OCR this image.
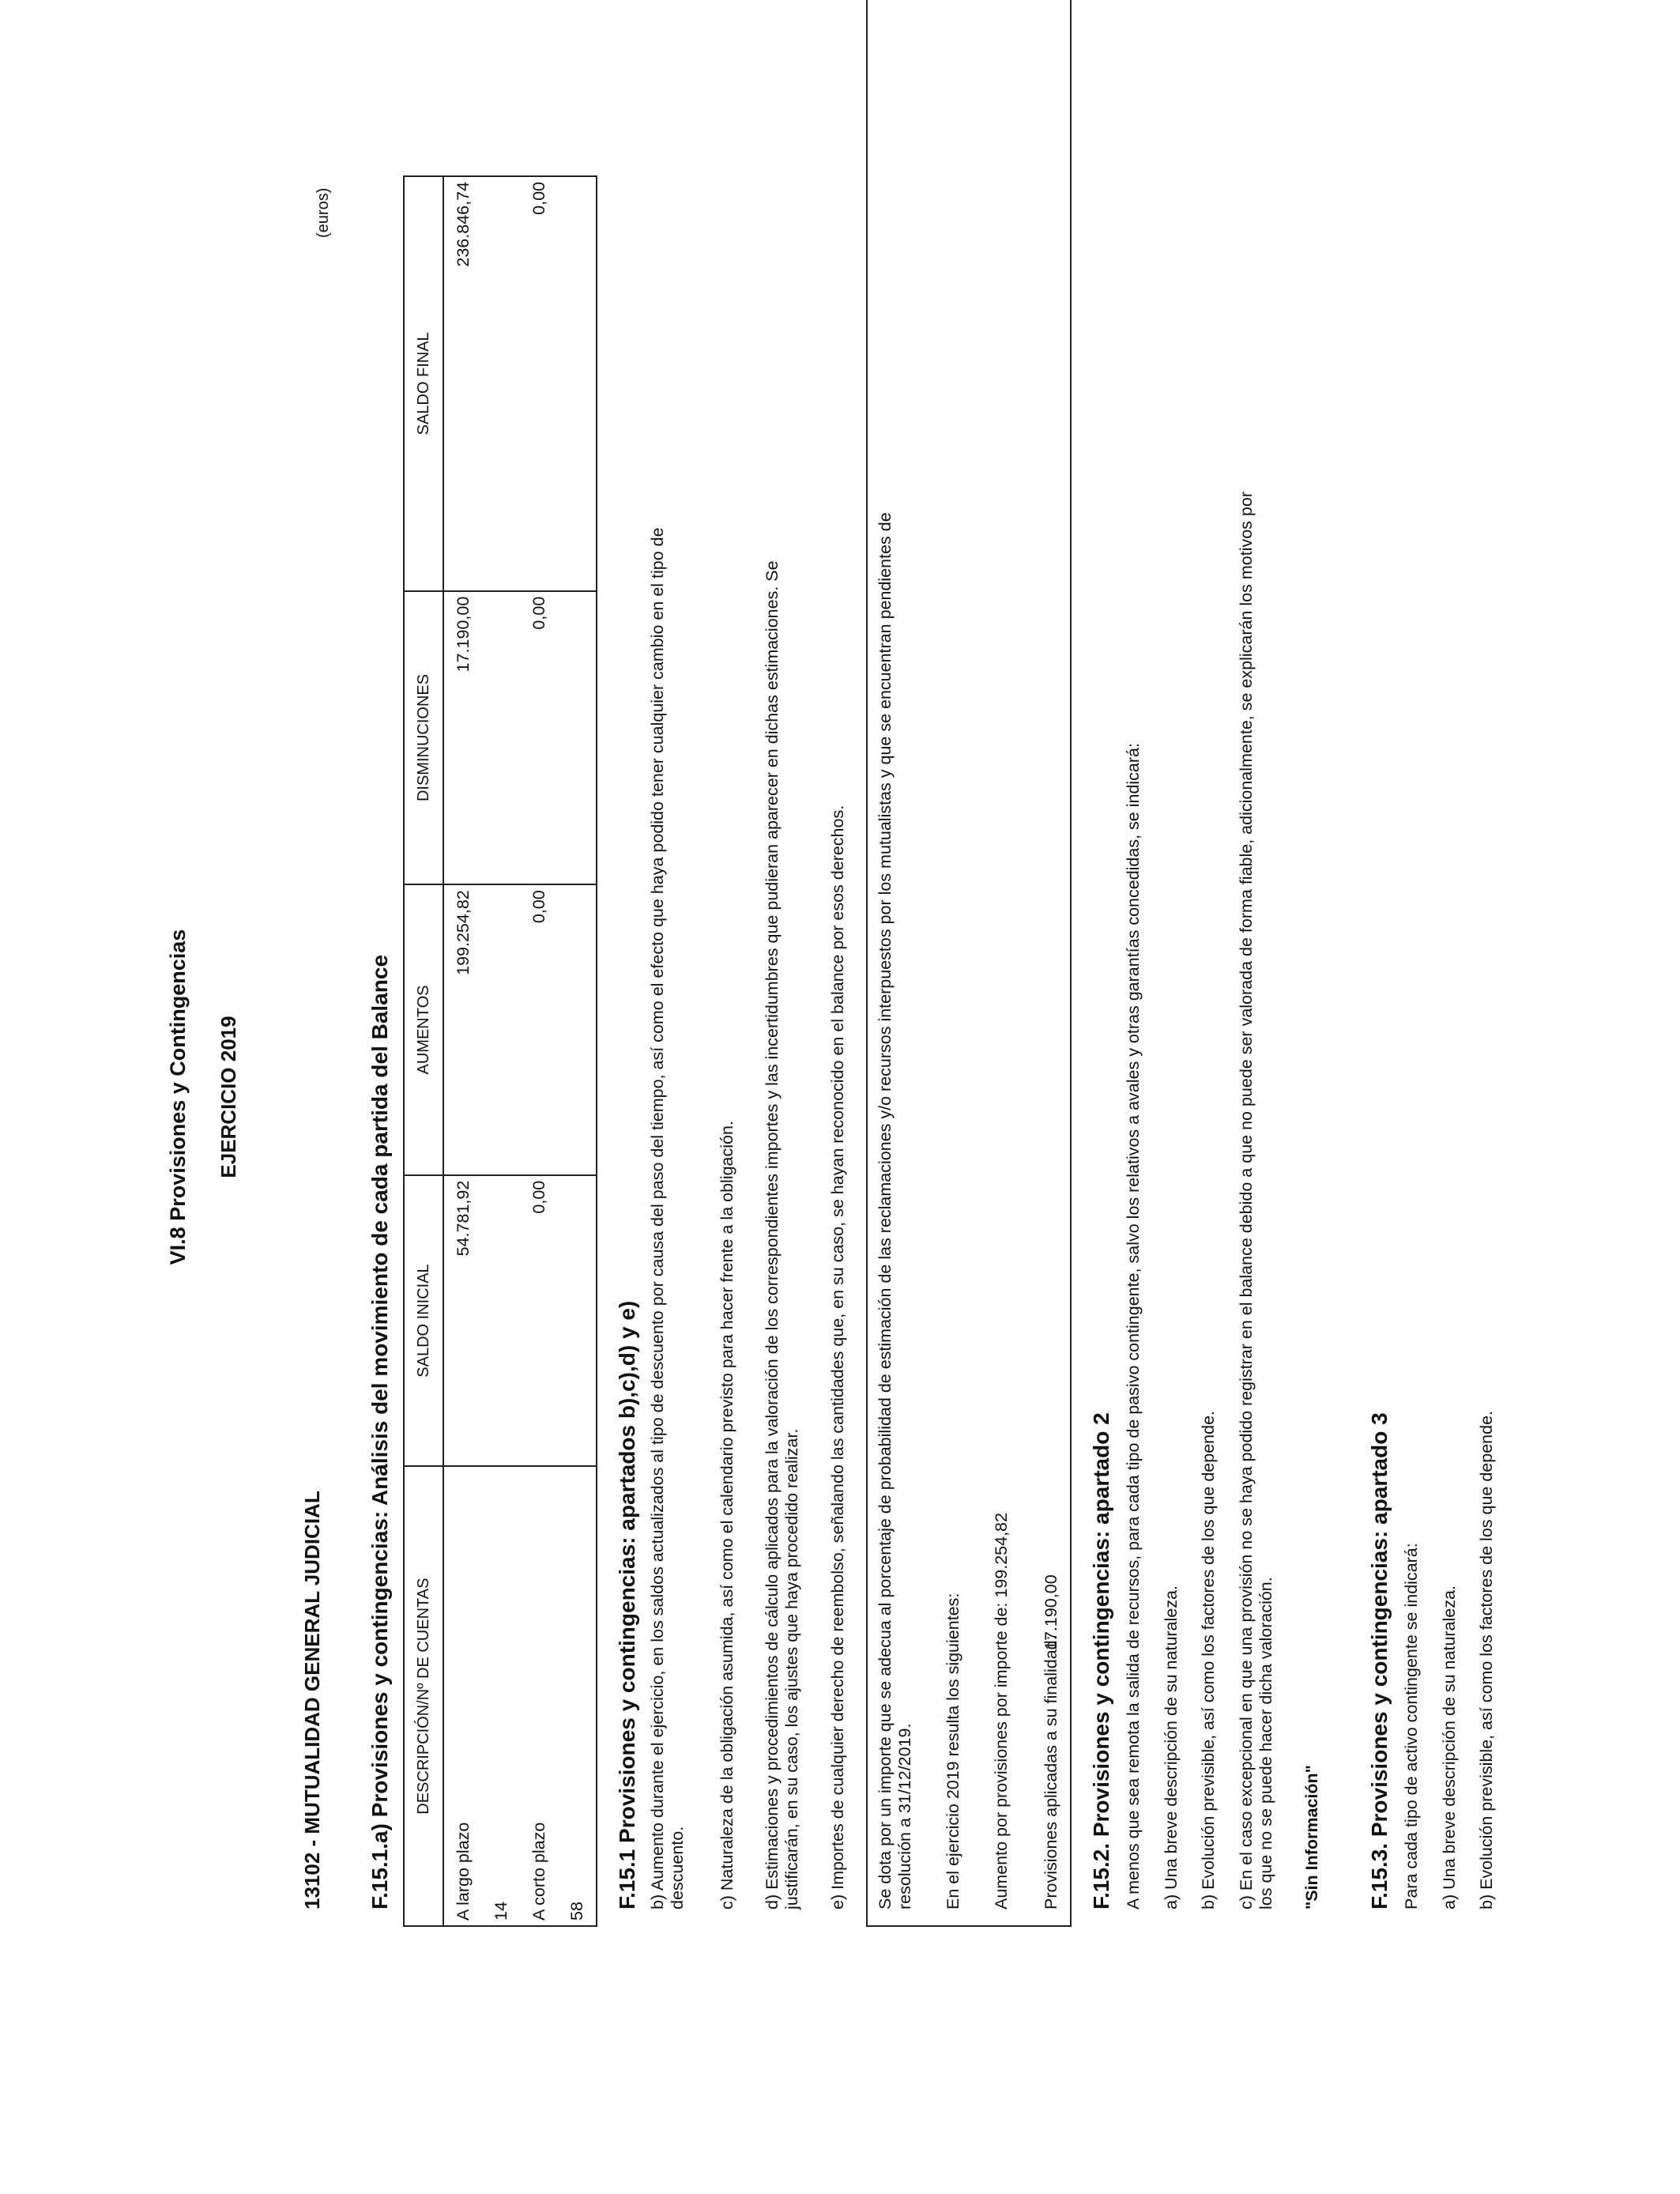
VI.8 Provisiones y Contingencias EJERCICIO 2019
13102 - MUTUALIDAD GENERAL JUDICIAL
(euros)
F.15.1.a) Provisiones y contingencias: Análisis del movimiento de cada partida del Balance DESCRIPCIÓN/Nº DE CUENTAS	SALDO INICIAL	AUMENTOS	DISMINUCIONES	SALDO FINAL
A largo plazo	54.781,92	199.254,82	17.190,00	236.846,74
14				
A corto plazo	0,00	0,00	0,00	0,00
58				
F.15.1 Provisiones y contingencias: apartados b),c),d) y e) b) Aumento durante el ejercicio, en los saldos actualizados al tipo de descuento por causa del paso del tiempo, así como el efecto que haya podido tener cualquier cambio en el tipo de descuento. c) Naturaleza de la obligación asumida, así como el calendario previsto para hacer frente a la obligación. d) Estimaciones y procedimientos de cálculo aplicados para la valoración de los correspondientes importes y las incertidumbres que pudieran aparecer en dichas estimaciones. Se justificarán, en su caso, los ajustes que haya procedido realizar. e) Importes de cualquier derecho de reembolso, señalando las cantidades que, en su caso, se hayan reconocido en el balance por esos derechos. Se dota por un importe que se adecua al porcentaje de probabilidad de estimación de las reclamaciones y/o recursos interpuestos por los mutualistas y que se encuentran pendientes de resolución a 31/12/2019. En el ejercicio 2019 resulta los siguientes: Aumento por provisiones por importe de: 199.254,82 Provisiones aplicadas a su finalidad:
17.190,00 F.15.2. Provisiones y contingencias: apartado 2 A menos que sea remota la salida de recursos, para cada tipo de pasivo contingente, salvo los relativos a avales y otras garantías concedidas, se indicará: a) Una breve descripción de su naturaleza. b) Evolución previsible, así como los factores de los que depende. c) En el caso excepcional en que una provisión no se haya podido registrar en el balance debido a que no puede ser valorada de forma fiable, adicionalmente, se explicarán los motivos por los que no se puede hacer dicha valoración. "Sin Información" F.15.3. Provisiones y contingencias: apartado 3 Para cada tipo de activo contingente se indicará: a) Una breve descripción de su naturaleza. b) Evolución previsible, así como los factores de los que depende.
